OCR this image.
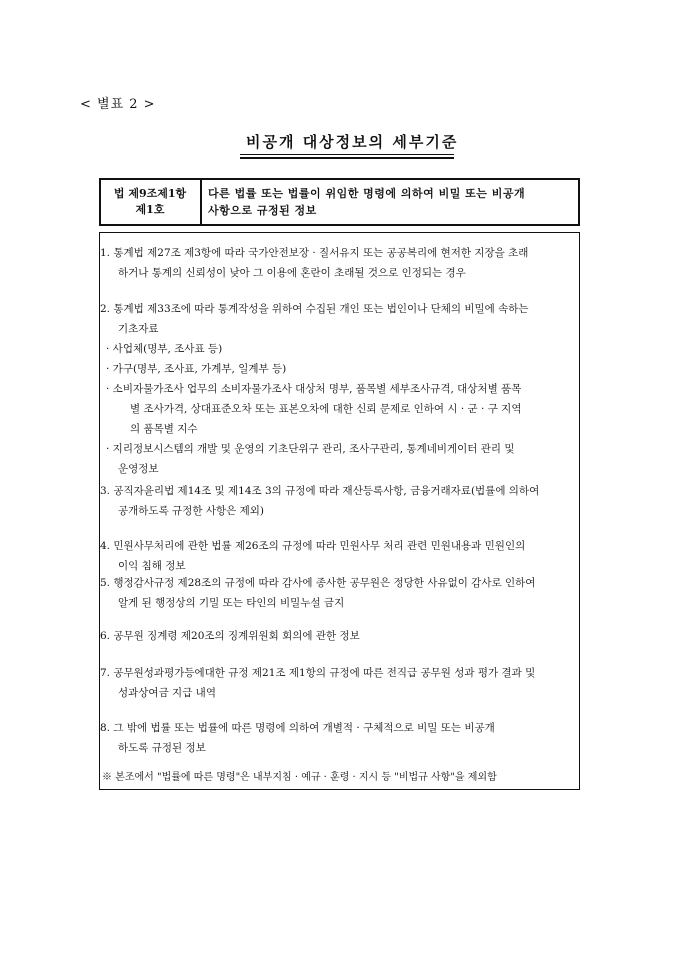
< 별표 2 >
비공개 대상정보의 세부기준
법 제9조제1항
제1호
다른 법률 또는 법률이 위임한 명령에 의하여 비밀 또는 비공개
사항으로 규정된 정보
1. 통계법 제27조 제3항에 따라 국가안전보장 · 질서유지 또는 공공복리에 현저한 지장을 초래
하거나 통계의 신뢰성이 낮아 그 이용에 혼란이 초래될 것으로 인정되는 경우
2. 통계법 제33조에 따라 통계작성을 위하여 수집된 개인 또는 법인이나 단체의 비밀에 속하는
기초자료
· 사업체(명부, 조사표 등)
· 가구(명부, 조사표, 가계부, 일계부 등)
· 소비자물가조사 업무의 소비자물가조사 대상처 명부, 품목별 세부조사규격, 대상처별 품목
별 조사가격, 상대표준오차 또는 표본오차에 대한 신뢰 문제로 인하여 시 · 군 · 구 지역
의 품목별 지수
· 지리정보시스템의 개발 및 운영의 기초단위구 관리, 조사구관리, 통계네비게이터 관리 및
운영정보
3. 공직자윤리법 제14조 및 제14조 3의 규정에 따라 재산등록사항, 금융거래자료(법률에 의하여
공개하도록 규정한 사항은 제외)
4. 민원사무처리에 관한 법률 제26조의 규정에 따라 민원사무 처리 관련 민원내용과 민원인의
이익 침해 정보
5. 행정감사규정 제28조의 규정에 따라 감사에 종사한 공무원은 정당한 사유없이 감사로 인하여
알게 된 행정상의 기밀 또는 타인의 비밀누설 금지
6. 공무원 징계령 제20조의 징계위원회 회의에 관한 정보
7. 공무원성과평가등에대한 규정 제21조 제1항의 규정에 따른 전직급 공무원 성과 평가 결과 및
성과상여금 지급 내역
8. 그 밖에 법률 또는 법률에 따른 명령에 의하여 개별적 · 구체적으로 비밀 또는 비공개
하도록 규정된 정보
※ 본조에서 "법률에 따른 명령"은 내부지침 · 예규 · 훈령 · 지시 등 "비법규 사항"을 제외함
